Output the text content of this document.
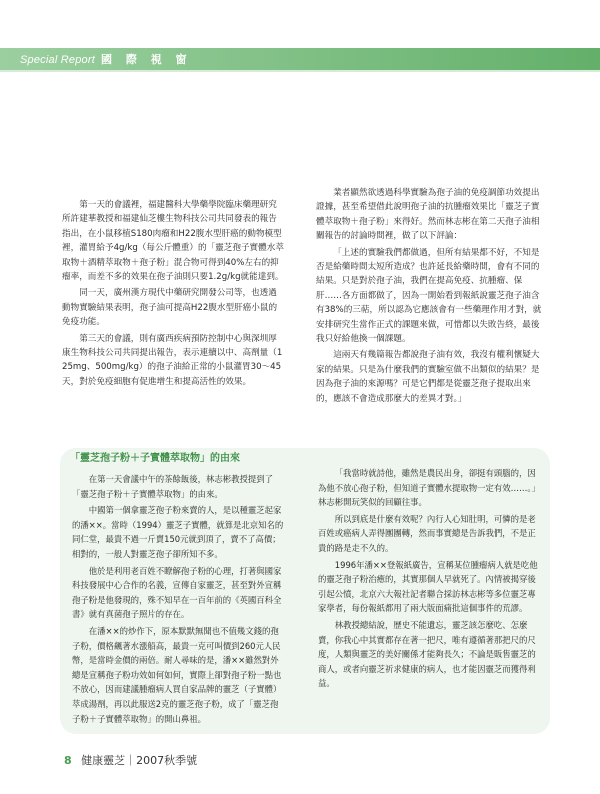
Special Report 國 際 視 窗

第一天的會議裡，福建醫科大學藥學院臨床藥理研究所許建華教授和福建仙芝樓生物科技公司共同發表的報告指出，在小鼠移植S180肉瘤和H22腹水型肝癌的動物模型裡，灌胃給予4g/kg（每公斤體重）的「靈芝孢子實體水萃取物＋酒精萃取物＋孢子粉」混合物可得到40%左右的抑瘤率，而差不多的效果在孢子油則只要1.2g/kg就能達到。

同一天，廣州漢方現代中藥研究開發公司等，也透過動物實驗結果表明，孢子油可提高H22腹水型肝癌小鼠的免疫功能。

第三天的會議，則有廣西疾病預防控制中心與深圳厚康生物科技公司共同提出報告，表示連續以中、高劑量（125mg、500mg/kg）的孢子油給正常的小鼠灌胃30～45天，對於免疫細胞有促進增生和提高活性的效果。

業者顯然欲透過科學實驗為孢子油的免疫調節功效提出證據，甚至希望借此說明孢子油的抗腫瘤效果比「靈芝子實體萃取物＋孢子粉」來得好。然而林志彬在第二天孢子油相關報告的討論時間裡，做了以下評論：

「上述的實驗我們都做過，但所有結果都不好，不知是否是給藥時間太短所造成？也許延長給藥時間，會有不同的結果。只是對於孢子油，我們在提高免疫、抗腫瘤、保肝……各方面都做了，因為一開始看到報紙說靈芝孢子油含有38%的三萜，所以認為它應該會有一些藥理作用才對，就安排研究生當作正式的課題來做，可惜都以失敗告終，最後我只好給他換一個課題。

這兩天有幾篇報告都說孢子油有效，我沒有權利懷疑大家的結果。只是為什麼我們的實驗室做不出類似的結果？是因為孢子油的來源嗎？可是它們都是從靈芝孢子提取出來的，應該不會造成那麼大的差異才對。」

「靈芝孢子粉＋子實體萃取物」的由來

在第一天會議中午的茶餘飯後，林志彬教授提到了「靈芝孢子粉＋子實體萃取物」的由來。

中國第一個拿靈芝孢子粉來賣的人，是以種靈芝起家的潘××。當時（1994）靈芝子實體，就算是北京知名的同仁堂，最貴不過一斤賣150元就到頂了，賣不了高價；相對的，一般人對靈芝孢子卻所知不多。

他於是利用老百姓不瞭解孢子粉的心理，打著與國家科技發展中心合作的名義，宣傳自家靈芝，甚至對外宣稱孢子粉是他發現的，殊不知早在一百年前的《英國百科全書》就有真菌孢子照片的存在。

在潘××的炒作下，原本默默無聞也不值幾文錢的孢子粉，價格飆著水漲船高，最貴一克可叫價到260元人民幣，是當時金價的兩倍。耐人尋味的是，潘××雖然對外總是宣稱孢子粉功效如何如何，實際上卻對孢子粉一點也不放心，因而建議腫瘤病人買自家品牌的靈芝（子實體）萃成湯劑，再以此服送2克的靈芝孢子粉，成了「靈芝孢子粉＋子實體萃取物」的開山鼻祖。

「我當時就詩他，雖然是農民出身，卻挺有頭腦的，因為他不放心孢子粉，但知道子實體水提取物一定有效……。」林志彬開玩笑似的回顧往事。

所以到底是什麼有效呢？內行人心知肚明，可憐的是老百姓或癌病人弄得團團轉，然而事實總是告訴我們，不是正貴的路是走不久的。

1996年潘××登報紙廣告，宣稱某位腫瘤病人就是吃他的靈芝孢子粉治癒的，其實那個人早就死了。內情被揭穿後引起公憤，北京六大報社記者聯合採訪林志彬等多位靈芝專家學者，每份報紙都用了兩大版面痛批這個事件的荒謬。

林教授總結說，歷史不能遺忘，靈芝該怎麼吃、怎麼賣，你我心中其實都存在著一把尺，唯有遵循著那把尺的尺度，人類與靈芝的美好關係才能夠長久；不論是販售靈芝的商人，或者向靈芝祈求健康的病人，也才能因靈芝而獲得利益。

8 健康靈芝｜2007秋季號
